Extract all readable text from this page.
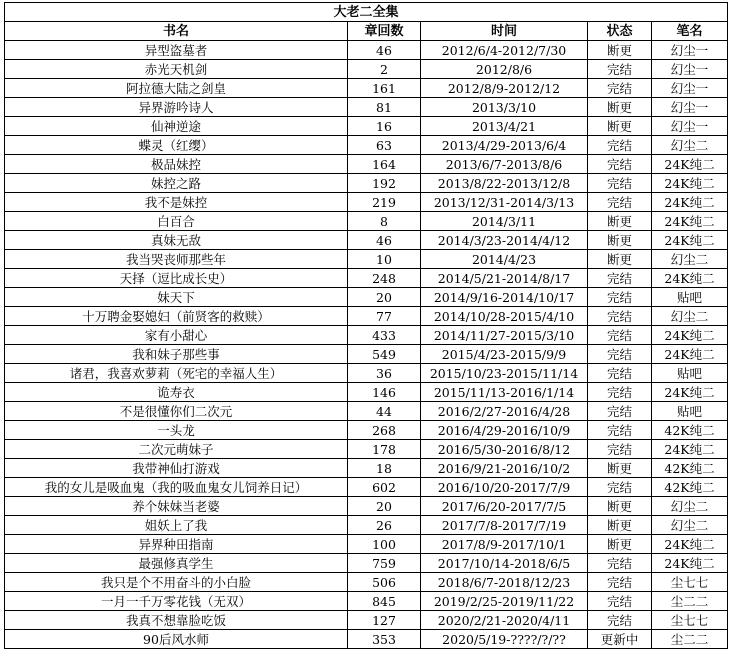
大老二全集				
书名	章回数	时间	状态	笔名
异型盗墓者	46	2012/6/4-2012/7/30	断更	幻尘一
赤光天机剑	2	2012/8/6	完结	幻尘一
阿拉德大陆之剑皇	161	2012/8/9-2012/12	完结	幻尘一
异界游吟诗人	81	2013/3/10	断更	幻尘一
仙神逆途	16	2013/4/21	断更	幻尘一
蝶灵（红缨）	63	2013/4/29-2013/6/4	完结	幻尘二
极品妹控	164	2013/6/7-2013/8/6	完结	24K纯二
妹控之路	192	2013/8/22-2013/12/8	完结	24K纯二
我不是妹控	219	2013/12/31-2014/3/13	完结	24K纯二
白百合	8	2014/3/11	断更	24K纯二
真妹无敌	46	2014/3/23-2014/4/12	断更	24K纯二
我当哭丧师那些年	10	2014/4/23	断更	幻尘二
天择（逗比成长史）	248	2014/5/21-2014/8/17	完结	24K纯二
妹天下	20	2014/9/16-2014/10/17	完结	贴吧
十万聘金娶媳妇（前贤客的救赎）	77	2014/10/28-2015/4/10	完结	幻尘二
家有小甜心	433	2014/11/27-2015/3/10	完结	24K纯二
我和妹子那些事	549	2015/4/23-2015/9/9	完结	24K纯二
诸君，我喜欢萝莉（死宅的幸福人生）	36	2015/10/23-2015/11/14	完结	贴吧
诡寿衣	146	2015/11/13-2016/1/14	完结	24K纯二
不是很懂你们二次元	44	2016/2/27-2016/4/28	完结	贴吧
一头龙	268	2016/4/29-2016/10/9	完结	42K纯二
二次元萌妹子	178	2016/5/30-2016/8/12	完结	24K纯二
我带神仙打游戏	18	2016/9/21-2016/10/2	断更	42K纯二
我的女儿是吸血鬼（我的吸血鬼女儿饲养日记）	602	2016/10/20-2017/7/9	完结	42K纯二
养个妹妹当老婆	20	2017/6/20-2017/7/5	断更	幻尘二
姐妖上了我	26	2017/7/8-2017/7/19	断更	幻尘二
异界种田指南	100	2017/8/9-2017/10/1	断更	24K纯二
最强修真学生	759	2017/10/14-2018/6/5	完结	24K纯二
我只是个不用奋斗的小白脸	506	2018/6/7-2018/12/23	完结	尘七七
一月一千万零花钱（无双）	845	2019/2/25-2019/11/22	完结	尘二二
我真不想靠脸吃饭	127	2020/2/21-2020/4/11	完结	尘七七
90后风水师	353	2020/5/19-????/?/??	更新中	尘二二
